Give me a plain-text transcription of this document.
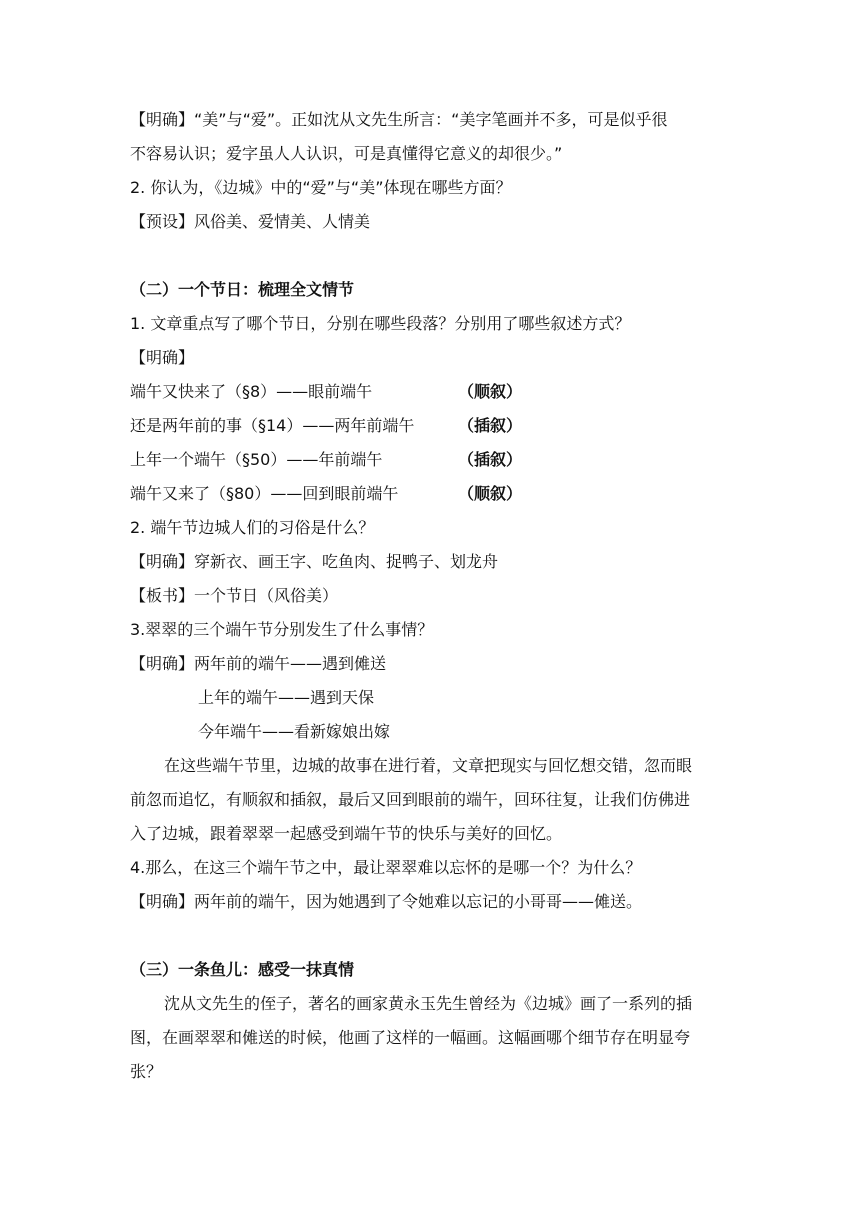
【明确】“美”与“爱”。正如沈从文先生所言：“美字笔画并不多，可是似乎很
不容易认识；爱字虽人人认识，可是真懂得它意义的却很少。”
2. 你认为，《边城》中的“爱”与“美”体现在哪些方面？
【预设】风俗美、爱情美、人情美
（二）一个节日：梳理全文情节
1. 文章重点写了哪个节日，分别在哪些段落？分别用了哪些叙述方式？
【明确】
端午又快来了（§8）——眼前端午	（顺叙）
还是两年前的事（§14）——两年前端午	（插叙）
上年一个端午（§50）——年前端午	（插叙）
端午又来了（§80）——回到眼前端午	（顺叙）
2. 端午节边城人们的习俗是什么？
【明确】穿新衣、画王字、吃鱼肉、捉鸭子、划龙舟
【板书】一个节日（风俗美）
3.翠翠的三个端午节分别发生了什么事情？
【明确】两年前的端午——遇到傩送
上年的端午——遇到天保
今年端午——看新嫁娘出嫁
在这些端午节里，边城的故事在进行着，文章把现实与回忆想交错，忽而眼
前忽而追忆，有顺叙和插叙，最后又回到眼前的端午，回环往复，让我们仿佛进
入了边城，跟着翠翠一起感受到端午节的快乐与美好的回忆。
4.那么，在这三个端午节之中，最让翠翠难以忘怀的是哪一个？为什么？
【明确】两年前的端午，因为她遇到了令她难以忘记的小哥哥——傩送。
（三）一条鱼儿：感受一抹真情
沈从文先生的侄子，著名的画家黄永玉先生曾经为《边城》画了一系列的插
图，在画翠翠和傩送的时候，他画了这样的一幅画。这幅画哪个细节存在明显夸
张？
